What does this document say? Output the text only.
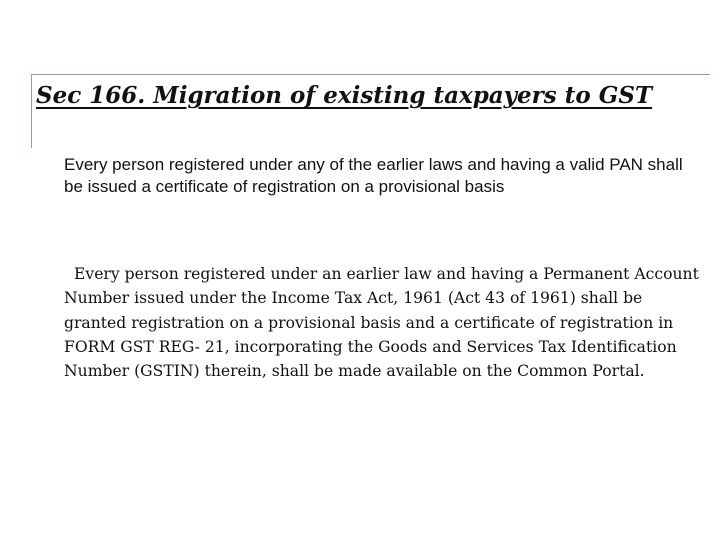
Sec 166. Migration of existing taxpayers to GST

Every person registered under any of the earlier laws and having a valid PAN shall be issued a certificate of registration on a provisional basis

Every person registered under an earlier law and having a Permanent Account Number issued under the Income Tax Act, 1961 (Act 43 of 1961) shall be granted registration on a provisional basis and a certificate of registration in FORM GST REG- 21, incorporating the Goods and Services Tax Identification Number (GSTIN) therein, shall be made available on the Common Portal.
